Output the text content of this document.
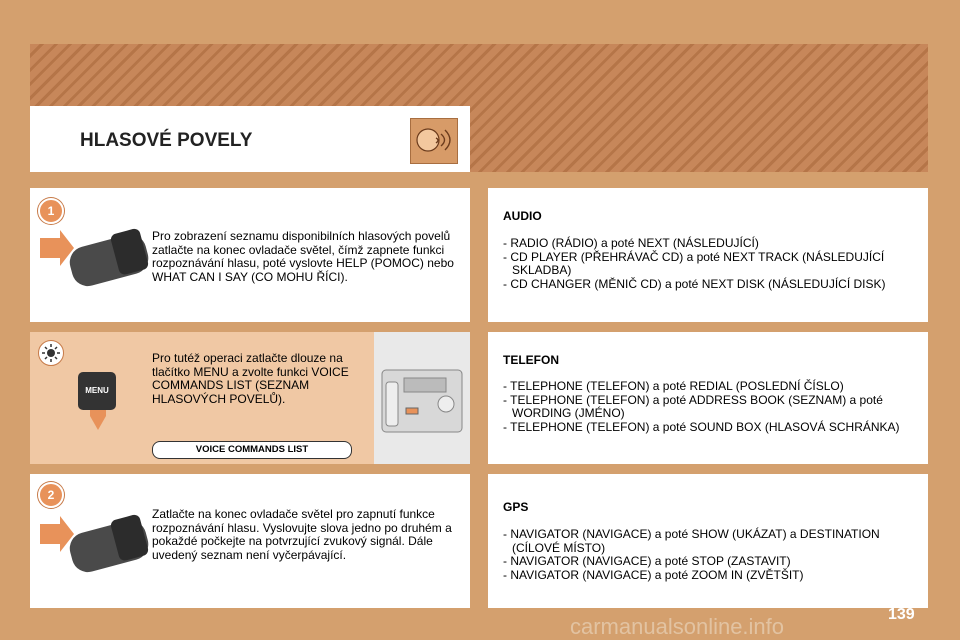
HLASOVÉ POVELY
1
Pro zobrazení seznamu disponibilních hlasových povelů zatlačte na konec ovladače světel, čímž zapnete funkci rozpoznávání hlasu, poté vyslovte HELP (POMOC) nebo WHAT CAN I SAY (CO MOHU ŘÍCI).
MENU
Pro tutéž operaci zatlačte dlouze na tlačítko MENU a zvolte funkci VOICE COMMANDS LIST (SEZNAM HLASOVÝCH POVELŮ).
VOICE COMMANDS LIST
2
Zatlačte na konec ovladače světel pro zapnutí funkce rozpoznávání hlasu. Vyslovujte slova jedno po druhém a pokaždé počkejte na potvrzující zvukový signál. Dále uvedený seznam není vyčerpávající.
AUDIO
- RADIO (RÁDIO) a poté NEXT (NÁSLEDUJÍCÍ)
- CD PLAYER (PŘEHRÁVAČ CD) a poté NEXT TRACK (NÁSLEDUJÍCÍ SKLADBA)
- CD CHANGER (MĚNIČ CD) a poté NEXT DISK (NÁSLEDUJÍCÍ DISK)
TELEFON
- TELEPHONE (TELEFON) a poté REDIAL (POSLEDNÍ ČÍSLO)
- TELEPHONE (TELEFON) a poté ADDRESS BOOK (SEZNAM) a poté WORDING (JMÉNO)
- TELEPHONE (TELEFON) a poté SOUND BOX (HLASOVÁ SCHRÁNKA)
GPS
- NAVIGATOR (NAVIGACE) a poté SHOW (UKÁZAT) a DESTINATION (CÍLOVÉ MÍSTO)
- NAVIGATOR (NAVIGACE) a poté STOP (ZASTAVIT)
- NAVIGATOR (NAVIGACE) a poté ZOOM IN (ZVĚTŠIT)
carmanualsonline.info	139
